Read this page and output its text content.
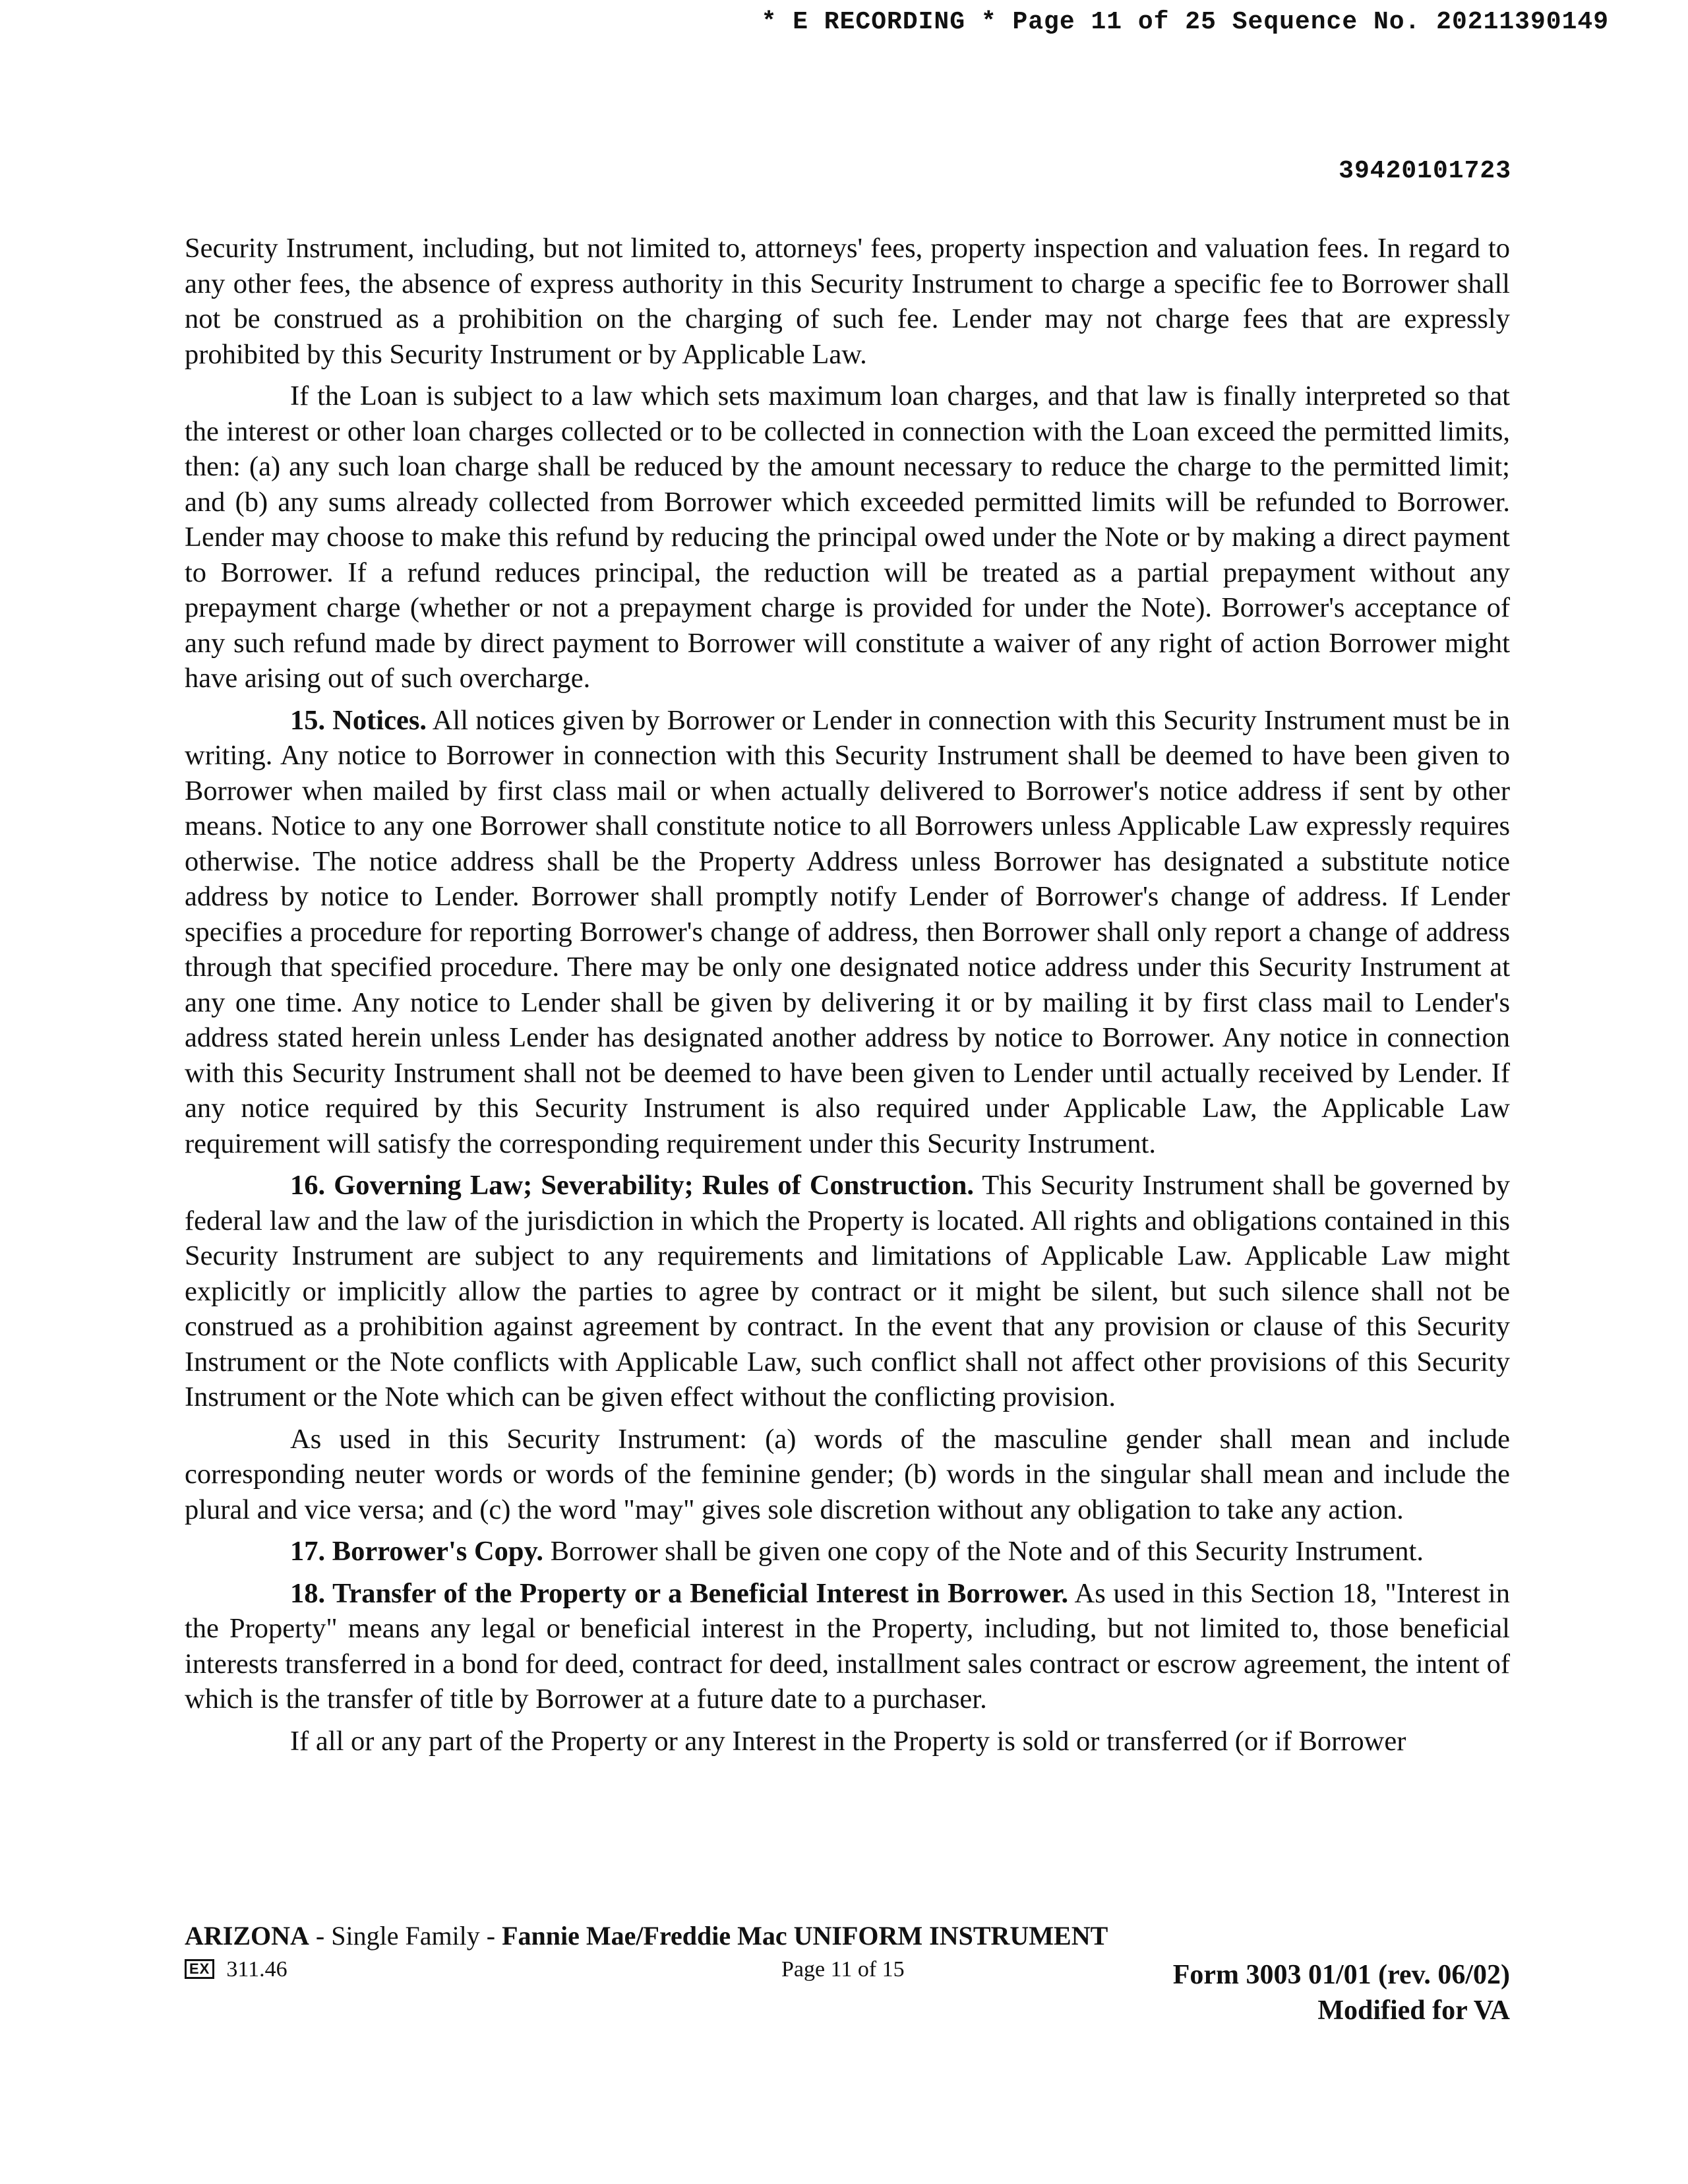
* E RECORDING * Page 11 of 25 Sequence No. 20211390149
39420101723

Security Instrument, including, but not limited to, attorneys' fees, property inspection and valuation fees. In regard to any other fees, the absence of express authority in this Security Instrument to charge a specific fee to Borrower shall not be construed as a prohibition on the charging of such fee. Lender may not charge fees that are expressly prohibited by this Security Instrument or by Applicable Law.

If the Loan is subject to a law which sets maximum loan charges, and that law is finally interpreted so that the interest or other loan charges collected or to be collected in connection with the Loan exceed the permitted limits, then: (a) any such loan charge shall be reduced by the amount necessary to reduce the charge to the permitted limit; and (b) any sums already collected from Borrower which exceeded permitted limits will be refunded to Borrower. Lender may choose to make this refund by reducing the principal owed under the Note or by making a direct payment to Borrower. If a refund reduces principal, the reduction will be treated as a partial prepayment without any prepayment charge (whether or not a prepayment charge is provided for under the Note). Borrower's acceptance of any such refund made by direct payment to Borrower will constitute a waiver of any right of action Borrower might have arising out of such overcharge.

15. Notices. All notices given by Borrower or Lender in connection with this Security Instrument must be in writing. Any notice to Borrower in connection with this Security Instrument shall be deemed to have been given to Borrower when mailed by first class mail or when actually delivered to Borrower's notice address if sent by other means. Notice to any one Borrower shall constitute notice to all Borrowers unless Applicable Law expressly requires otherwise. The notice address shall be the Property Address unless Borrower has designated a substitute notice address by notice to Lender. Borrower shall promptly notify Lender of Borrower's change of address. If Lender specifies a procedure for reporting Borrower's change of address, then Borrower shall only report a change of address through that specified procedure. There may be only one designated notice address under this Security Instrument at any one time. Any notice to Lender shall be given by delivering it or by mailing it by first class mail to Lender's address stated herein unless Lender has designated another address by notice to Borrower. Any notice in connection with this Security Instrument shall not be deemed to have been given to Lender until actually received by Lender. If any notice required by this Security Instrument is also required under Applicable Law, the Applicable Law requirement will satisfy the corresponding requirement under this Security Instrument.

16. Governing Law; Severability; Rules of Construction. This Security Instrument shall be governed by federal law and the law of the jurisdiction in which the Property is located. All rights and obligations contained in this Security Instrument are subject to any requirements and limitations of Applicable Law. Applicable Law might explicitly or implicitly allow the parties to agree by contract or it might be silent, but such silence shall not be construed as a prohibition against agreement by contract. In the event that any provision or clause of this Security Instrument or the Note conflicts with Applicable Law, such conflict shall not affect other provisions of this Security Instrument or the Note which can be given effect without the conflicting provision.

As used in this Security Instrument: (a) words of the masculine gender shall mean and include corresponding neuter words or words of the feminine gender; (b) words in the singular shall mean and include the plural and vice versa; and (c) the word "may" gives sole discretion without any obligation to take any action.

17. Borrower's Copy. Borrower shall be given one copy of the Note and of this Security Instrument.

18. Transfer of the Property or a Beneficial Interest in Borrower. As used in this Section 18, "Interest in the Property" means any legal or beneficial interest in the Property, including, but not limited to, those beneficial interests transferred in a bond for deed, contract for deed, installment sales contract or escrow agreement, the intent of which is the transfer of title by Borrower at a future date to a purchaser.

If all or any part of the Property or any Interest in the Property is sold or transferred (or if Borrower

ARIZONA - Single Family - Fannie Mae/Freddie Mac UNIFORM INSTRUMENT
EX 311.46	Page 11 of 15	Form 3003 01/01 (rev. 06/02)
Modified for VA
